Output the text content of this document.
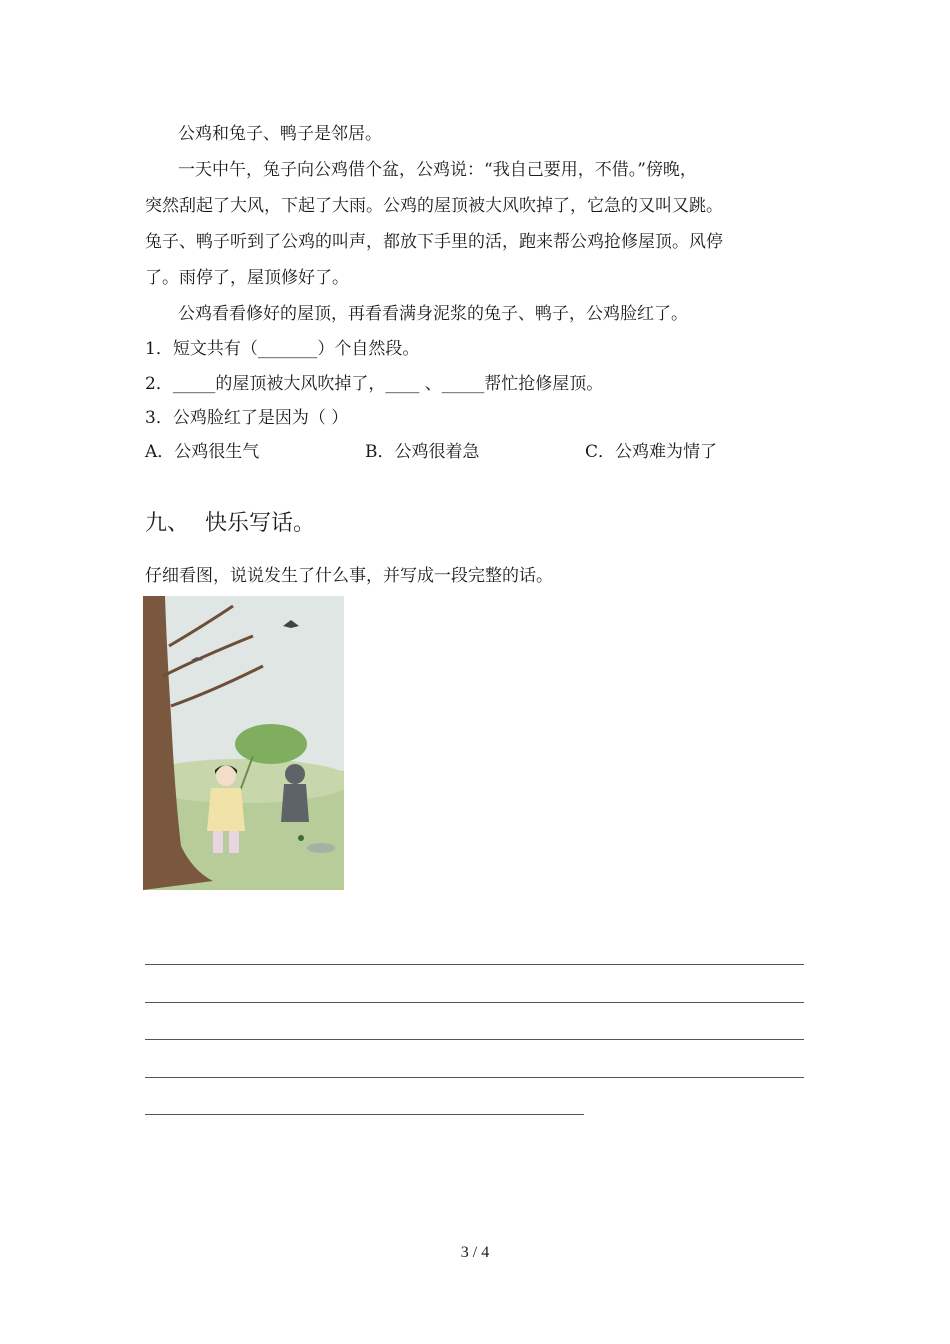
公鸡和兔子、鸭子是邻居。
一天中午，兔子向公鸡借个盆，公鸡说：“我自己要用，不借。”傍晚，
突然刮起了大风，下起了大雨。公鸡的屋顶被大风吹掉了，它急的又叫又跳。
兔子、鸭子听到了公鸡的叫声，都放下手里的活，跑来帮公鸡抢修屋顶。风停
了。雨停了，屋顶修好了。
公鸡看看修好的屋顶，再看看满身泥浆的兔子、鸭子，公鸡脸红了。
1．短文共有（_______）个自然段。
2．_____的屋顶被大风吹掉了，____ 、_____帮忙抢修屋顶。
3．公鸡脸红了是因为（ ）
A．公鸡很生气	B．公鸡很着急	C．公鸡难为情了
九、 快乐写话。
仔细看图，说说发生了什么事，并写成一段完整的话。
3 / 4
